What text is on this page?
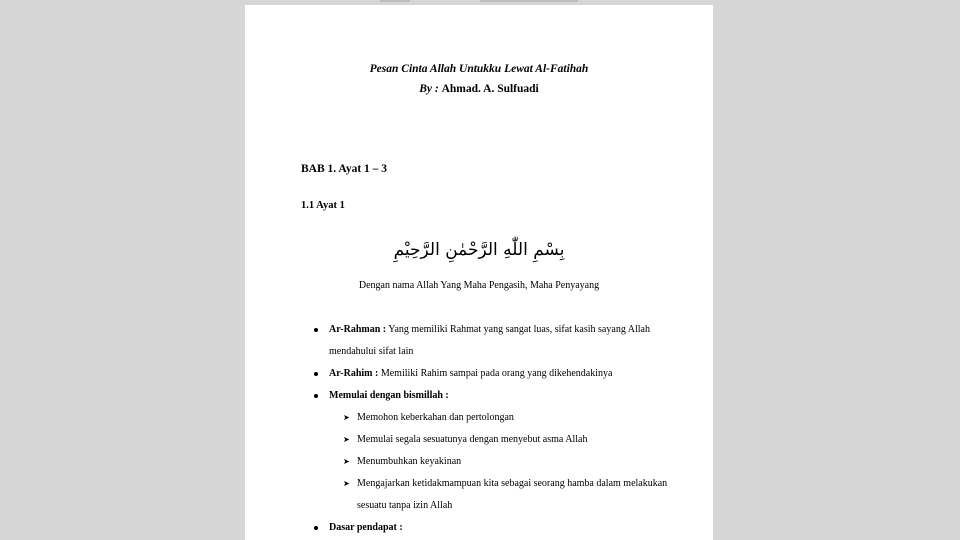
Pesan Cinta Allah Untukku Lewat Al-Fatihah
By : Ahmad. A. Sulfuadi
BAB 1. Ayat 1 – 3
1.1 Ayat 1
بِسْمِ اللّٰهِ الرَّحْمٰنِ الرَّحِيْمِ
Dengan nama Allah Yang Maha Pengasih, Maha Penyayang
Ar-Rahman : Yang memiliki Rahmat yang sangat luas, sifat kasih sayang Allah
mendahului sifat lain
Ar-Rahim : Memiliki Rahim sampai pada orang yang dikehendakinya
Memulai dengan bismillah :
➤ Memohon keberkahan dan pertolongan
➤ Memulai segala sesuatunya dengan menyebut asma Allah
➤ Menumbuhkan keyakinan
➤ Mengajarkan ketidakmampuan kita sebagai seorang hamba dalam melakukan
sesuatu tanpa izin Allah
Dasar pendapat :
